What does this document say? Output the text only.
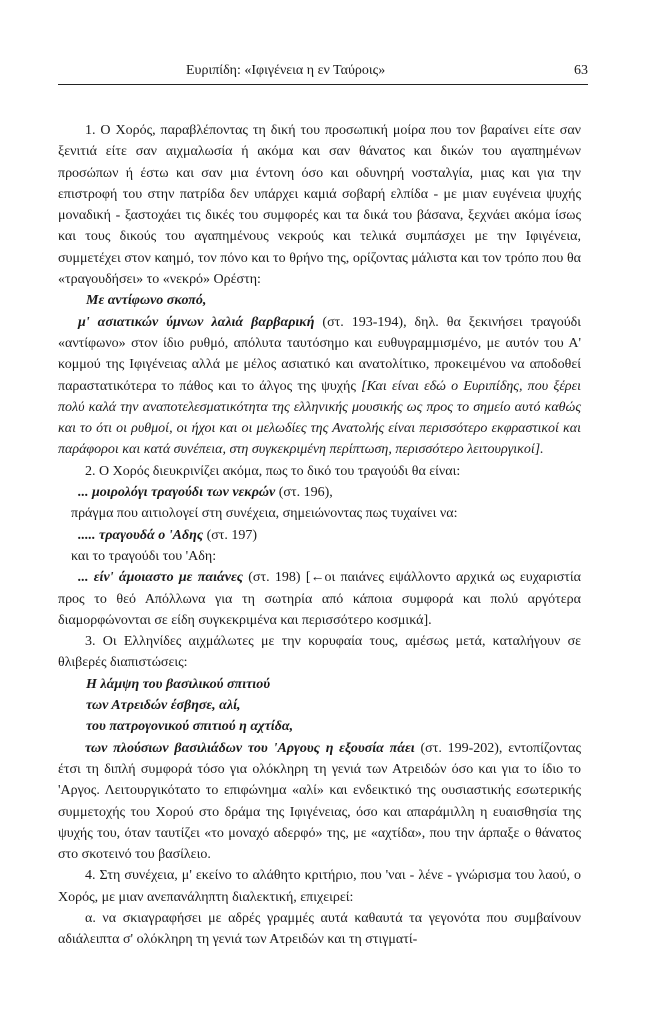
Ευριπίδη: «Ιφιγένεια η εν Ταύροις»	63

1. Ο Χορός, παραβλέποντας τη δική του προσωπική μοίρα που τον βαραίνει είτε σαν ξενιτιά είτε σαν αιχμαλωσία ή ακόμα και σαν θάνατος και δικών του αγαπημένων προσώπων ή έστω και σαν μια έντονη όσο και οδυνηρή νοσταλγία, μιας και για την επιστροφή του στην πατρίδα δεν υπάρχει καμιά σοβαρή ελπίδα - με μιαν ευγένεια ψυχής μοναδική - ξαστοχάει τις δικές του συμφορές και τα δικά του βάσανα, ξεχνάει ακόμα ίσως και τους δικούς του αγαπημένους νεκρούς και τελικά συμπάσχει με την Ιφιγένεια, συμμετέχει στον καημό, τον πόνο και το θρήνο της, ορίζοντας μάλιστα και τον τρόπο που θα «τραγουδήσει» το «νεκρό» Ορέστη:

Με αντίφωνο σκοπό,

μ' ασιατικών ύμνων λαλιά βαρβαρική (στ. 193-194), δηλ. θα ξεκινήσει τραγούδι «αντίφωνο» στον ίδιο ρυθμό, απόλυτα ταυτόσημο και ευθυγραμμισμένο, με αυτόν του Α' κομμού της Ιφιγένειας αλλά με μέλος ασιατικό και ανατολίτικο, προκειμένου να αποδοθεί παραστατικότερα το πάθος και το άλγος της ψυχής [Και είναι εδώ ο Ευριπίδης, που ξέρει πολύ καλά την αναποτελεσματικότητα της ελληνικής μουσικής ως προς το σημείο αυτό καθώς και το ότι οι ρυθμοί, οι ήχοι και οι μελωδίες της Ανατολής είναι περισσότερο εκφραστικοί και παράφοροι και κατά συνέπεια, στη συγκεκριμένη περίπτωση, περισσότερο λειτουργικοί].

2. Ο Χορός διευκρινίζει ακόμα, πως το δικό του τραγούδι θα είναι:

... μοιρολόγι τραγούδι των νεκρών (στ. 196),

πράγμα που αιτιολογεί στη συνέχεια, σημειώνοντας πως τυχαίνει να:

..... τραγουδά ο 'Αδης (στ. 197)

και το τραγούδι του 'Αδη:

... είν' άμοιαστο με παιάνες (στ. 198) [←οι παιάνες εψάλλοντο αρχικά ως ευχαριστία προς το θεό Απόλλωνα για τη σωτηρία από κάποια συμφορά και πολύ αργότερα διαμορφώνονται σε είδη συγκεκριμένα και περισσότερο κοσμικά].

3. Οι Ελληνίδες αιχμάλωτες με την κορυφαία τους, αμέσως μετά, καταλήγουν σε θλιβερές διαπιστώσεις:

Η λάμψη του βασιλικού σπιτιού
των Ατρειδών έσβησε, αλί,
του πατρογονικού σπιτιού η αχτίδα,

των πλούσιων βασιλιάδων του 'Αργους η εξουσία πάει (στ. 199-202), εντοπίζοντας έτσι τη διπλή συμφορά τόσο για ολόκληρη τη γενιά των Ατρειδών όσο και για το ίδιο το 'Αργος. Λειτουργικότατο το επιφώνημα «αλί» και ενδεικτικό της ουσιαστικής εσωτερικής συμμετοχής του Χορού στο δράμα της Ιφιγένειας, όσο και απαράμιλλη η ευαισθησία της ψυχής του, όταν ταυτίζει «το μοναχό αδερφό» της, με «αχτίδα», που την άρπαξε ο θάνατος στο σκοτεινό του βασίλειο.

4. Στη συνέχεια, μ' εκείνο το αλάθητο κριτήριο, που 'ναι - λένε - γνώρισμα του λαού, ο Χορός, με μιαν ανεπανάληπτη διαλεκτική, επιχειρεί:

α. να σκιαγραφήσει με αδρές γραμμές αυτά καθαυτά τα γεγονότα που συμβαίνουν αδιάλειπτα σ' ολόκληρη τη γενιά των Ατρειδών και τη στιγματί-
